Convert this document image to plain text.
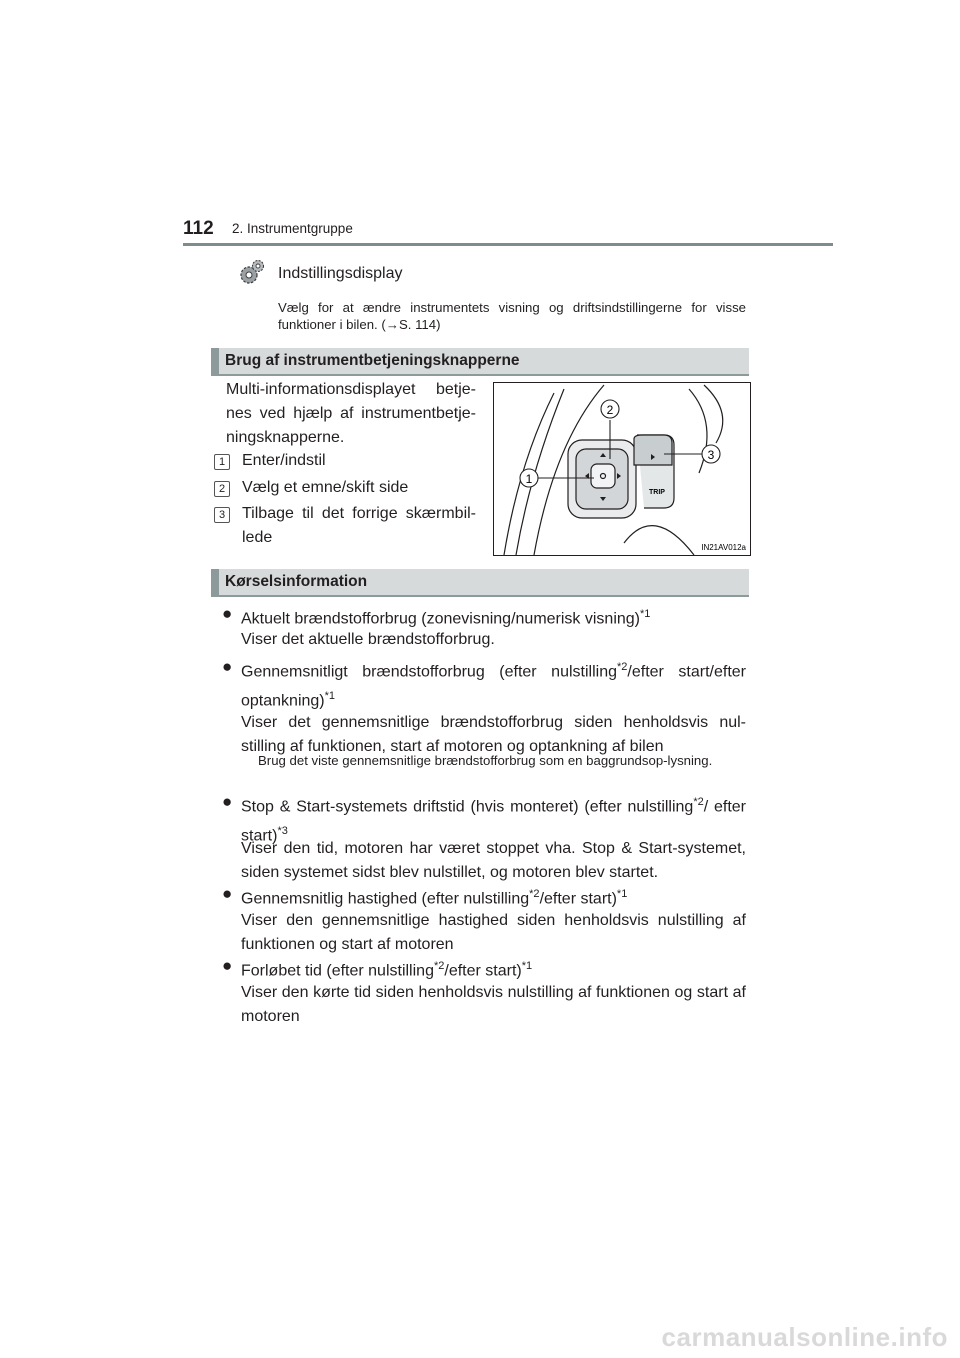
112 2. Instrumentgruppe
Indstillingsdisplay
Vælg for at ændre instrumentets visning og driftsindstillingerne for visse funktioner i bilen. (→S. 114)
Brug af instrumentbetjeningsknapperne
Multi-informationsdisplayet betje-nes ved hjælp af instrumentbetje-ningsknapperne.
1	Enter/indstil
2	Vælg et emne/skift side
3	Tilbage til det forrige skærmbil-lede
TRIP
1
2
3
IN21AV012a
Kørselsinformation
● Aktuelt brændstofforbrug (zonevisning/numerisk visning)$^{*1}$
Viser det aktuelle brændstofforbrug.
● Gennemsnitligt brændstofforbrug (efter nulstilling$^{*2}$/efter start/efter optankning)$^{*1}$
Viser det gennemsnitlige brændstofforbrug siden henholdsvis nul-stilling af funktionen, start af motoren og optankning af bilen
Brug det viste gennemsnitlige brændstofforbrug som en baggrundsop-lysning.
● Stop & Start-systemets driftstid (hvis monteret) (efter nulstilling$^{*2}$/ efter start)$^{*3}$
Viser den tid, motoren har været stoppet vha. Stop & Start-systemet, siden systemet sidst blev nulstillet, og motoren blev startet.
● Gennemsnitlig hastighed (efter nulstilling$^{*2}$/efter start)$^{*1}$
Viser den gennemsnitlige hastighed siden henholdsvis nulstilling af funktionen og start af motoren
● Forløbet tid (efter nulstilling$^{*2}$/efter start)$^{*1}$
Viser den kørte tid siden henholdsvis nulstilling af funktionen og start af motoren
carmanualsonline.info
